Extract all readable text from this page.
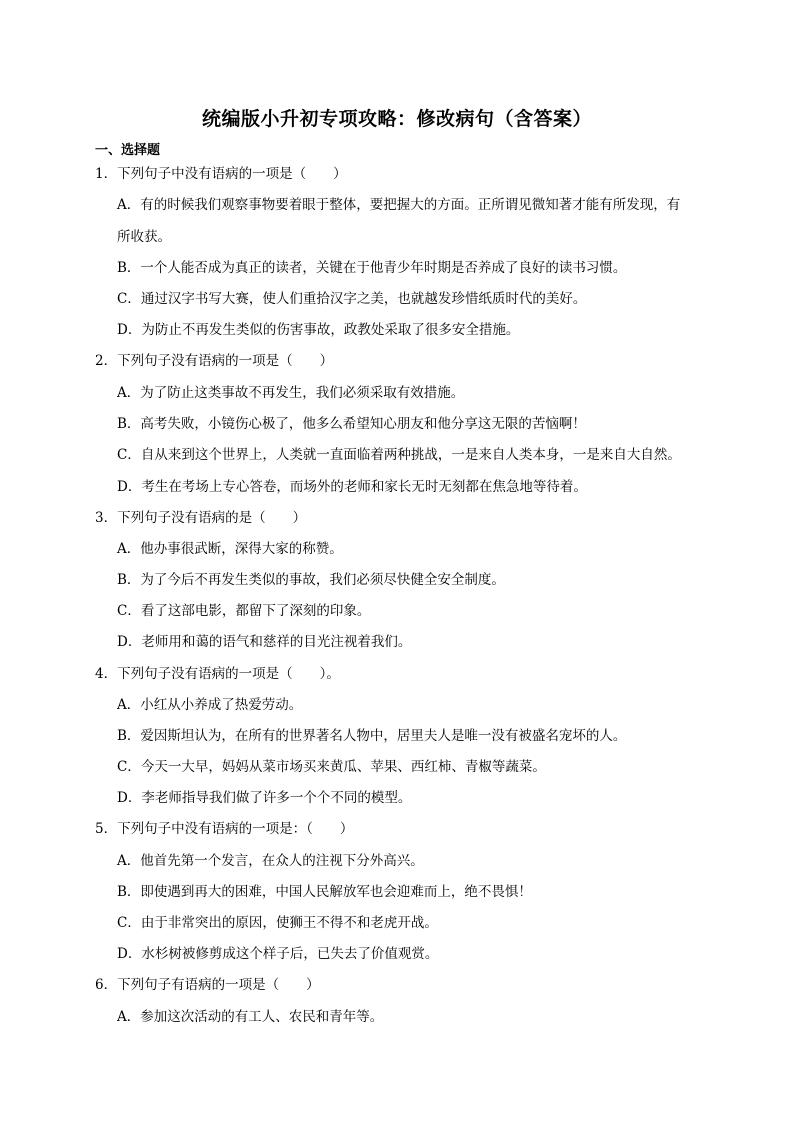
统编版小升初专项攻略：修改病句（含答案）
一、选择题
1．下列句子中没有语病的一项是（　　）
A．有的时候我们观察事物要着眼于整体，要把握大的方面。正所谓见微知著才能有所发现，有
所收获。
B．一个人能否成为真正的读者，关键在于他青少年时期是否养成了良好的读书习惯。
C．通过汉字书写大赛，使人们重拾汉字之美，也就越发珍惜纸质时代的美好。
D．为防止不再发生类似的伤害事故，政教处采取了很多安全措施。
2．下列句子没有语病的一项是（　　）
A．为了防止这类事故不再发生，我们必须采取有效措施。
B．高考失败，小镜伤心极了，他多么希望知心朋友和他分享这无限的苦恼啊！
C．自从来到这个世界上，人类就一直面临着两种挑战，一是来自人类本身，一是来自大自然。
D．考生在考场上专心答卷，而场外的老师和家长无时无刻都在焦急地等待着。
3．下列句子没有语病的是（　　）
A．他办事很武断，深得大家的称赞。
B．为了今后不再发生类似的事故，我们必须尽快健全安全制度。
C．看了这部电影，都留下了深刻的印象。
D．老师用和蔼的语气和慈祥的目光注视着我们。
4．下列句子没有语病的一项是（　　）。
A．小红从小养成了热爱劳动。
B．爱因斯坦认为，在所有的世界著名人物中，居里夫人是唯一没有被盛名宠坏的人。
C．今天一大早，妈妈从菜市场买来黄瓜、苹果、西红柿、青椒等蔬菜。
D．李老师指导我们做了许多一个个不同的模型。
5．下列句子中没有语病的一项是：（　　）
A．他首先第一个发言，在众人的注视下分外高兴。
B．即使遇到再大的困难，中国人民解放军也会迎难而上，绝不畏惧！
C．由于非常突出的原因，使狮王不得不和老虎开战。
D．水杉树被修剪成这个样子后，已失去了价值观赏。
6．下列句子有语病的一项是（　　）
A．参加这次活动的有工人、农民和青年等。
